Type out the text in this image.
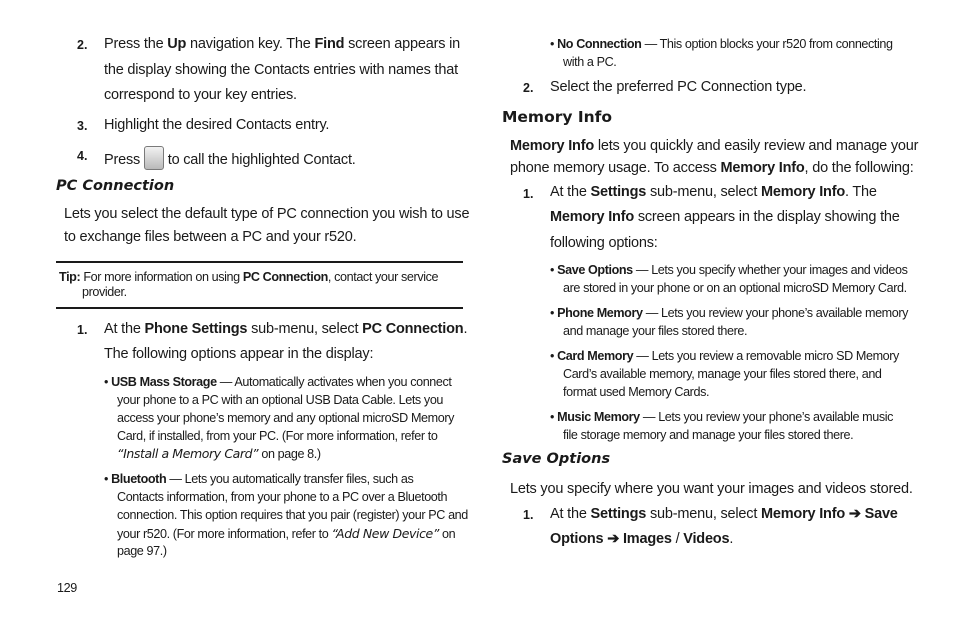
2. Press the Up navigation key. The Find screen appears in
the display showing the Contacts entries with names that
correspond to your key entries.
3. Highlight the desired Contacts entry.
4. Press  to call the highlighted Contact.
PC Connection
Lets you select the default type of PC connection you wish to use
to exchange files between a PC and your r520.
Tip: For more information on using PC Connection, contact your service
provider.
1. At the Phone Settings sub-menu, select PC Connection.
The following options appear in the display:
• USB Mass Storage — Automatically activates when you connect
your phone to a PC with an optional USB Data Cable. Lets you
access your phone’s memory and any optional microSD Memory
Card, if installed, from your PC. (For more information, refer to
“Install a Memory Card” on page 8.)
• Bluetooth — Lets you automatically transfer files, such as
Contacts information, from your phone to a PC over a Bluetooth
connection. This option requires that you pair (register) your PC and
your r520. (For more information, refer to “Add New Device” on
page 97.)
129
• No Connection — This option blocks your r520 from connecting
with a PC.
2. Select the preferred PC Connection type.
Memory Info
Memory Info lets you quickly and easily review and manage your
phone memory usage. To access Memory Info, do the following:
1. At the Settings sub-menu, select Memory Info. The
Memory Info screen appears in the display showing the
following options:
• Save Options — Lets you specify whether your images and videos
are stored in your phone or on an optional microSD Memory Card.
• Phone Memory — Lets you review your phone’s available memory
and manage your files stored there.
• Card Memory — Lets you review a removable micro SD Memory
Card’s available memory, manage your files stored there, and
format used Memory Cards.
• Music Memory — Lets you review your phone’s available music
file storage memory and manage your files stored there.
Save Options
Lets you specify where you want your images and videos stored.
1. At the Settings sub-menu, select Memory Info ➔ Save
Options ➔ Images / Videos.
